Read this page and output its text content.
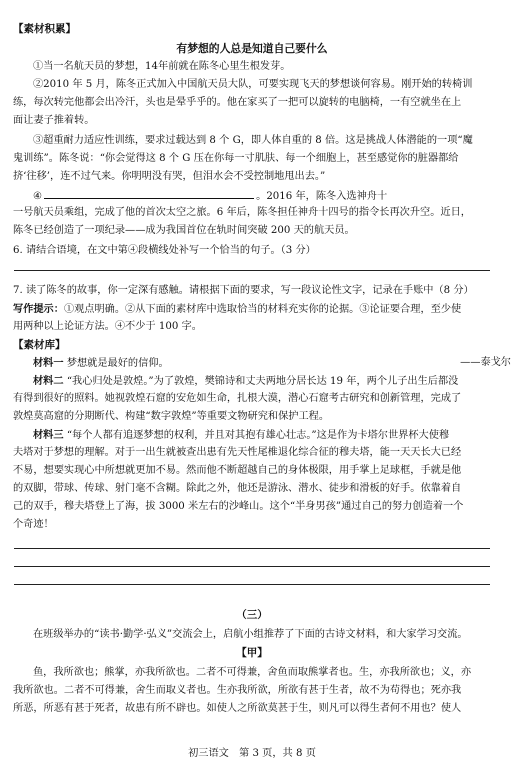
【素材积累】
有梦想的人总是知道自己要什么
①当一名航天员的梦想，14年前就在陈冬心里生根发芽。
②2010 年 5 月，陈冬正式加入中国航天员大队，可要实现飞天的梦想谈何容易。刚开始的转椅训
练，每次转完他都会出冷汗，头也是晕乎乎的。他在家买了一把可以旋转的电脑椅，一有空就坐在上
面让妻子推着转。
③超重耐力适应性训练，要求过载达到 8 个 G，即人体自重的 8 倍。这是挑战人体潜能的一项“魔
鬼训练”。陈冬说：“你会觉得这 8 个 G 压在你每一寸肌肤、每一个细胞上，甚至感觉你的脏器都给
挤‘往移’，连不过气来。你明明没有哭，但泪水会不受控制地甩出去。”
④	。2016 年，陈冬入选神舟十
一号航天员乘组，完成了他的首次太空之旅。6 年后，陈冬担任神舟十四号的指令长再次升空。近日，
陈冬已经创造了一项纪录——成为我国首位在轨时间突破 200 天的航天员。
6. 请结合语境，在文中第④段横线处补写一个恰当的句子。（3 分）
7. 读了陈冬的故事，你一定深有感触。请根据下面的要求，写一段议论性文字，记录在手账中（8 分）
写作提示：①观点明确。②从下面的素材库中选取恰当的材料充实你的论据。③论证要合理，至少使
用两种以上论证方法。④不少于 100 字。
【素材库】
材料一 梦想就是最好的信仰。	——泰戈尔
材料二 “我心归处是敦煌。”为了敦煌，樊锦诗和丈夫两地分居长达 19 年，两个儿子出生后都没
有得到很好的照料。她视敦煌石窟的安危如生命，扎根大漠，潜心石窟考古研究和创新管理，完成了
敦煌莫高窟的分期断代、构建“数字敦煌”等重要文物研究和保护工程。
材料三 “每个人都有追逐梦想的权利，并且对其抱有雄心壮志。”这是作为卡塔尔世界杯大使穆
夫塔对于梦想的理解。对于一出生就被查出患有先天性尾椎退化综合征的穆夫塔，能一天天长大已经
不易，想要实现心中所想就更加不易。然而他不断超越自己的身体极限，用手掌上足球框，手就是他
的双脚，带球、传球、射门毫不含糊。除此之外，他还是游泳、潜水、徒步和滑板的好手。依靠着自
己的双手，穆夫塔登上了海，拔 3000 米左右的沙峰山。这个“半身男孩”通过自己的努力创造着一个
个奇迹！
（三）
在班级举办的“读书·勤学·弘义”交流会上，启航小组推荐了下面的古诗文材料，和大家学习交流。
【甲】
鱼，我所欲也；熊掌，亦我所欲也。二者不可得兼，舍鱼而取熊掌者也。生，亦我所欲也；义，亦
我所欲也。二者不可得兼，舍生而取义者也。生亦我所欲，所欲有甚于生者，故不为苟得也；死亦我
所恶，所恶有甚于死者，故患有所不辟也。如使人之所欲莫甚于生，则凡可以得生者何不用也？使人
初三语文　第 3 页，共 8 页
